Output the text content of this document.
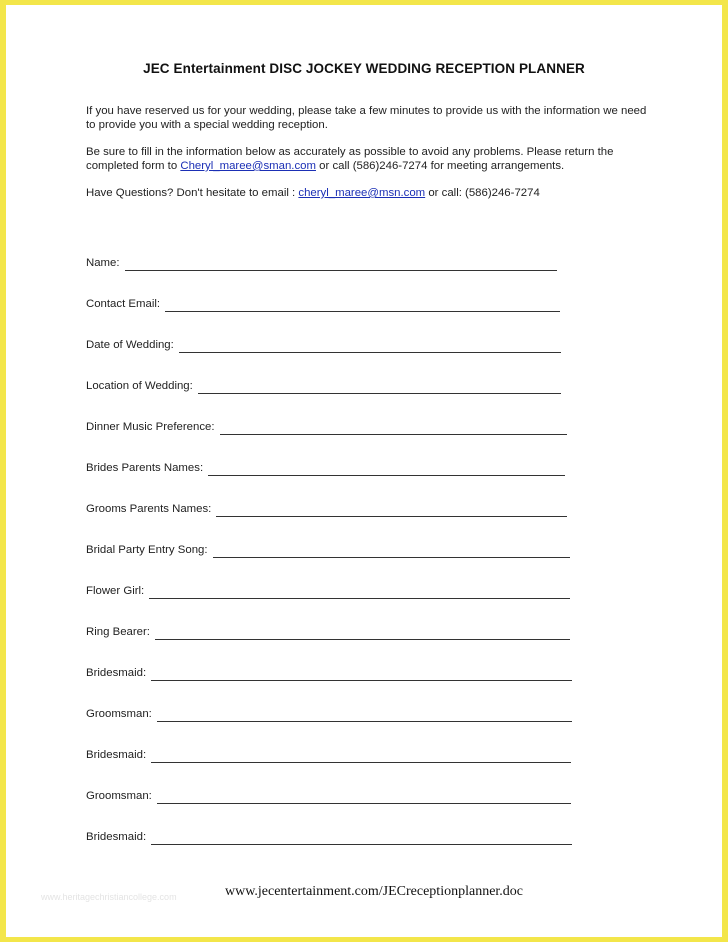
JEC Entertainment DISC JOCKEY WEDDING RECEPTION PLANNER
If you have reserved us for your wedding, please take a few minutes to provide us with the information we need to provide you with a special wedding reception.
Be sure to fill in the information below as accurately as possible to avoid any problems. Please return the completed form to Cheryl_maree@sman.com or call (586)246-7274 for meeting arrangements.
Have Questions? Don't hesitate to email : cheryl_maree@msn.com or call: (586)246-7274
Name:
Contact Email:
Date of Wedding:
Location of Wedding:
Dinner Music Preference:
Brides Parents Names:
Grooms Parents Names:
Bridal Party Entry Song:
Flower Girl:
Ring Bearer:
Bridesmaid:
Groomsman:
Bridesmaid:
Groomsman:
Bridesmaid:
www.heritagechristiancollege.com	www.jecentertainment.com/JECreceptionplanner.doc
